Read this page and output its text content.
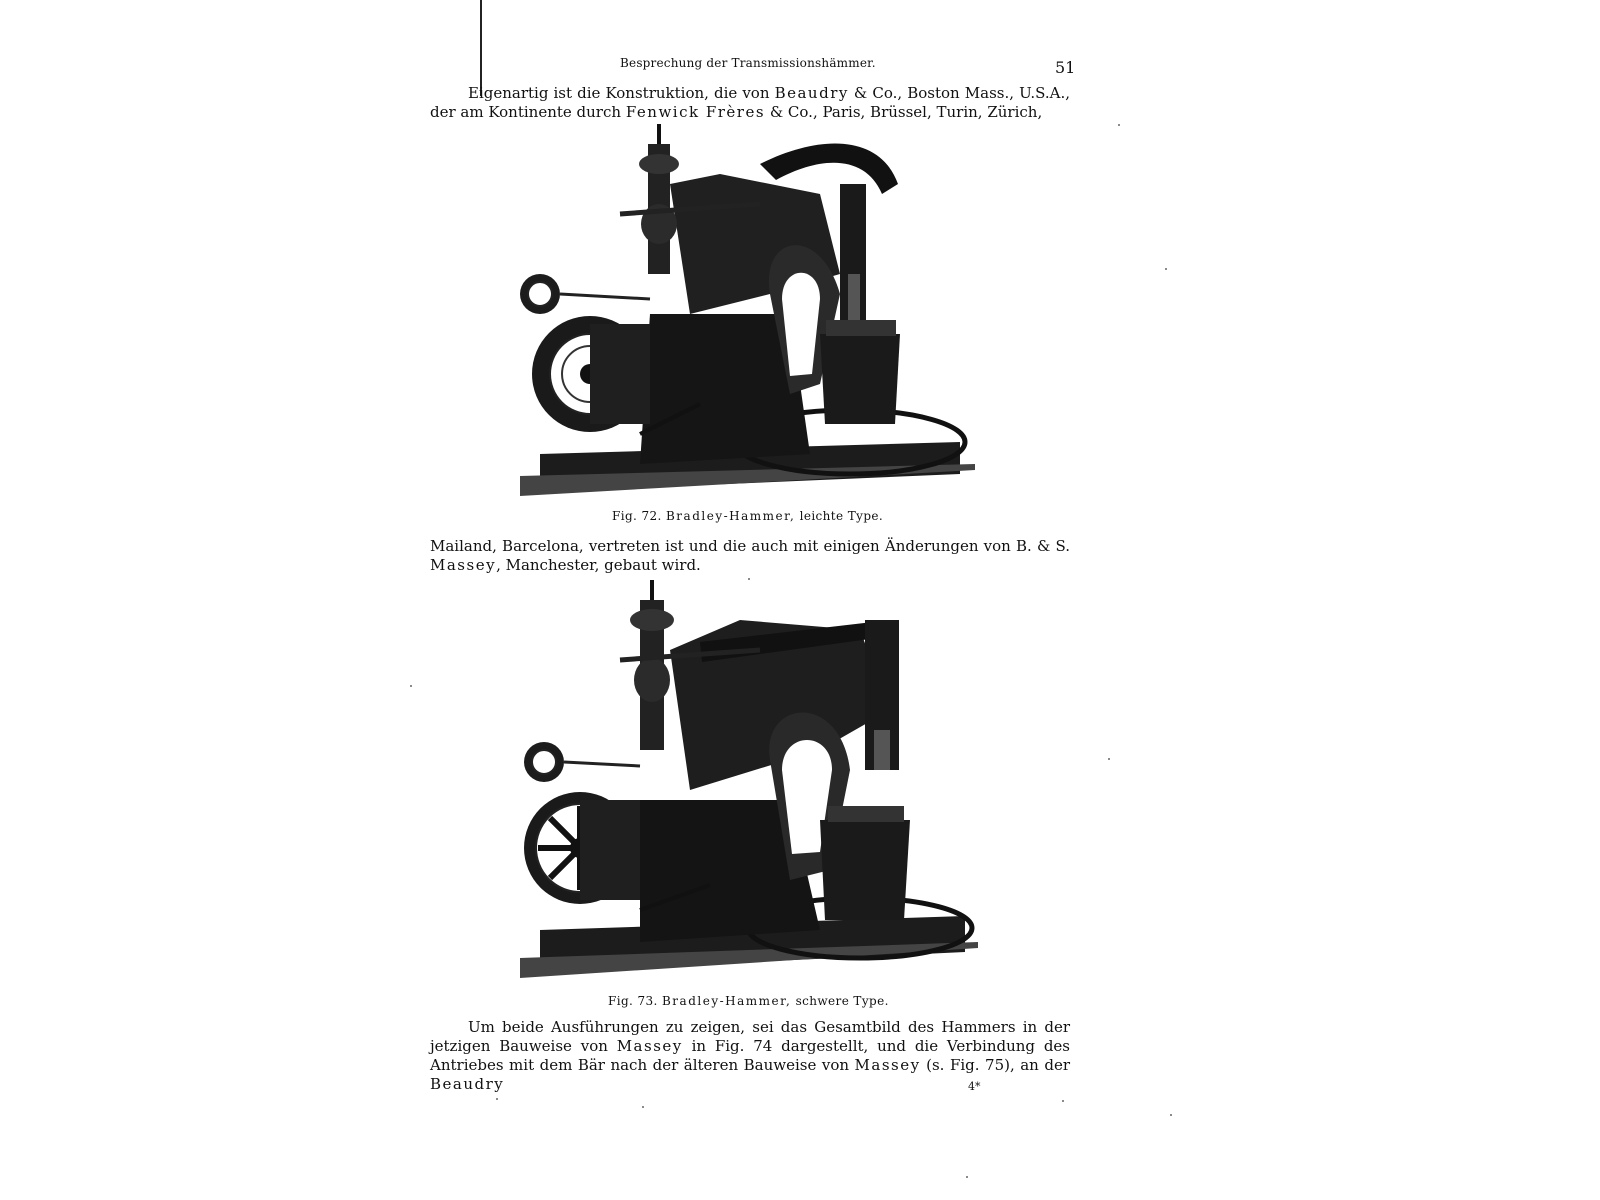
Besprechung der Transmissionshämmer.	51

Eigenartig ist die Konstruktion, die von Beaudry & Co., Boston Mass., U.S.A., der am Kontinente durch Fenwick Frères & Co., Paris, Brüssel, Turin, Zürich,

Fig. 72. Bradley-Hammer, leichte Type.

Mailand, Barcelona, vertreten ist und die auch mit einigen Änderungen von B. & S. Massey, Manchester, gebaut wird.

Fig. 73. Bradley-Hammer, schwere Type.

Um beide Ausführungen zu zeigen, sei das Gesamtbild des Hammers in der jetzigen Bauweise von Massey in Fig. 74 dargestellt, und die Verbindung des Antriebes mit dem Bär nach der älteren Bauweise von Massey (s. Fig. 75), an der Beaudry	4*
